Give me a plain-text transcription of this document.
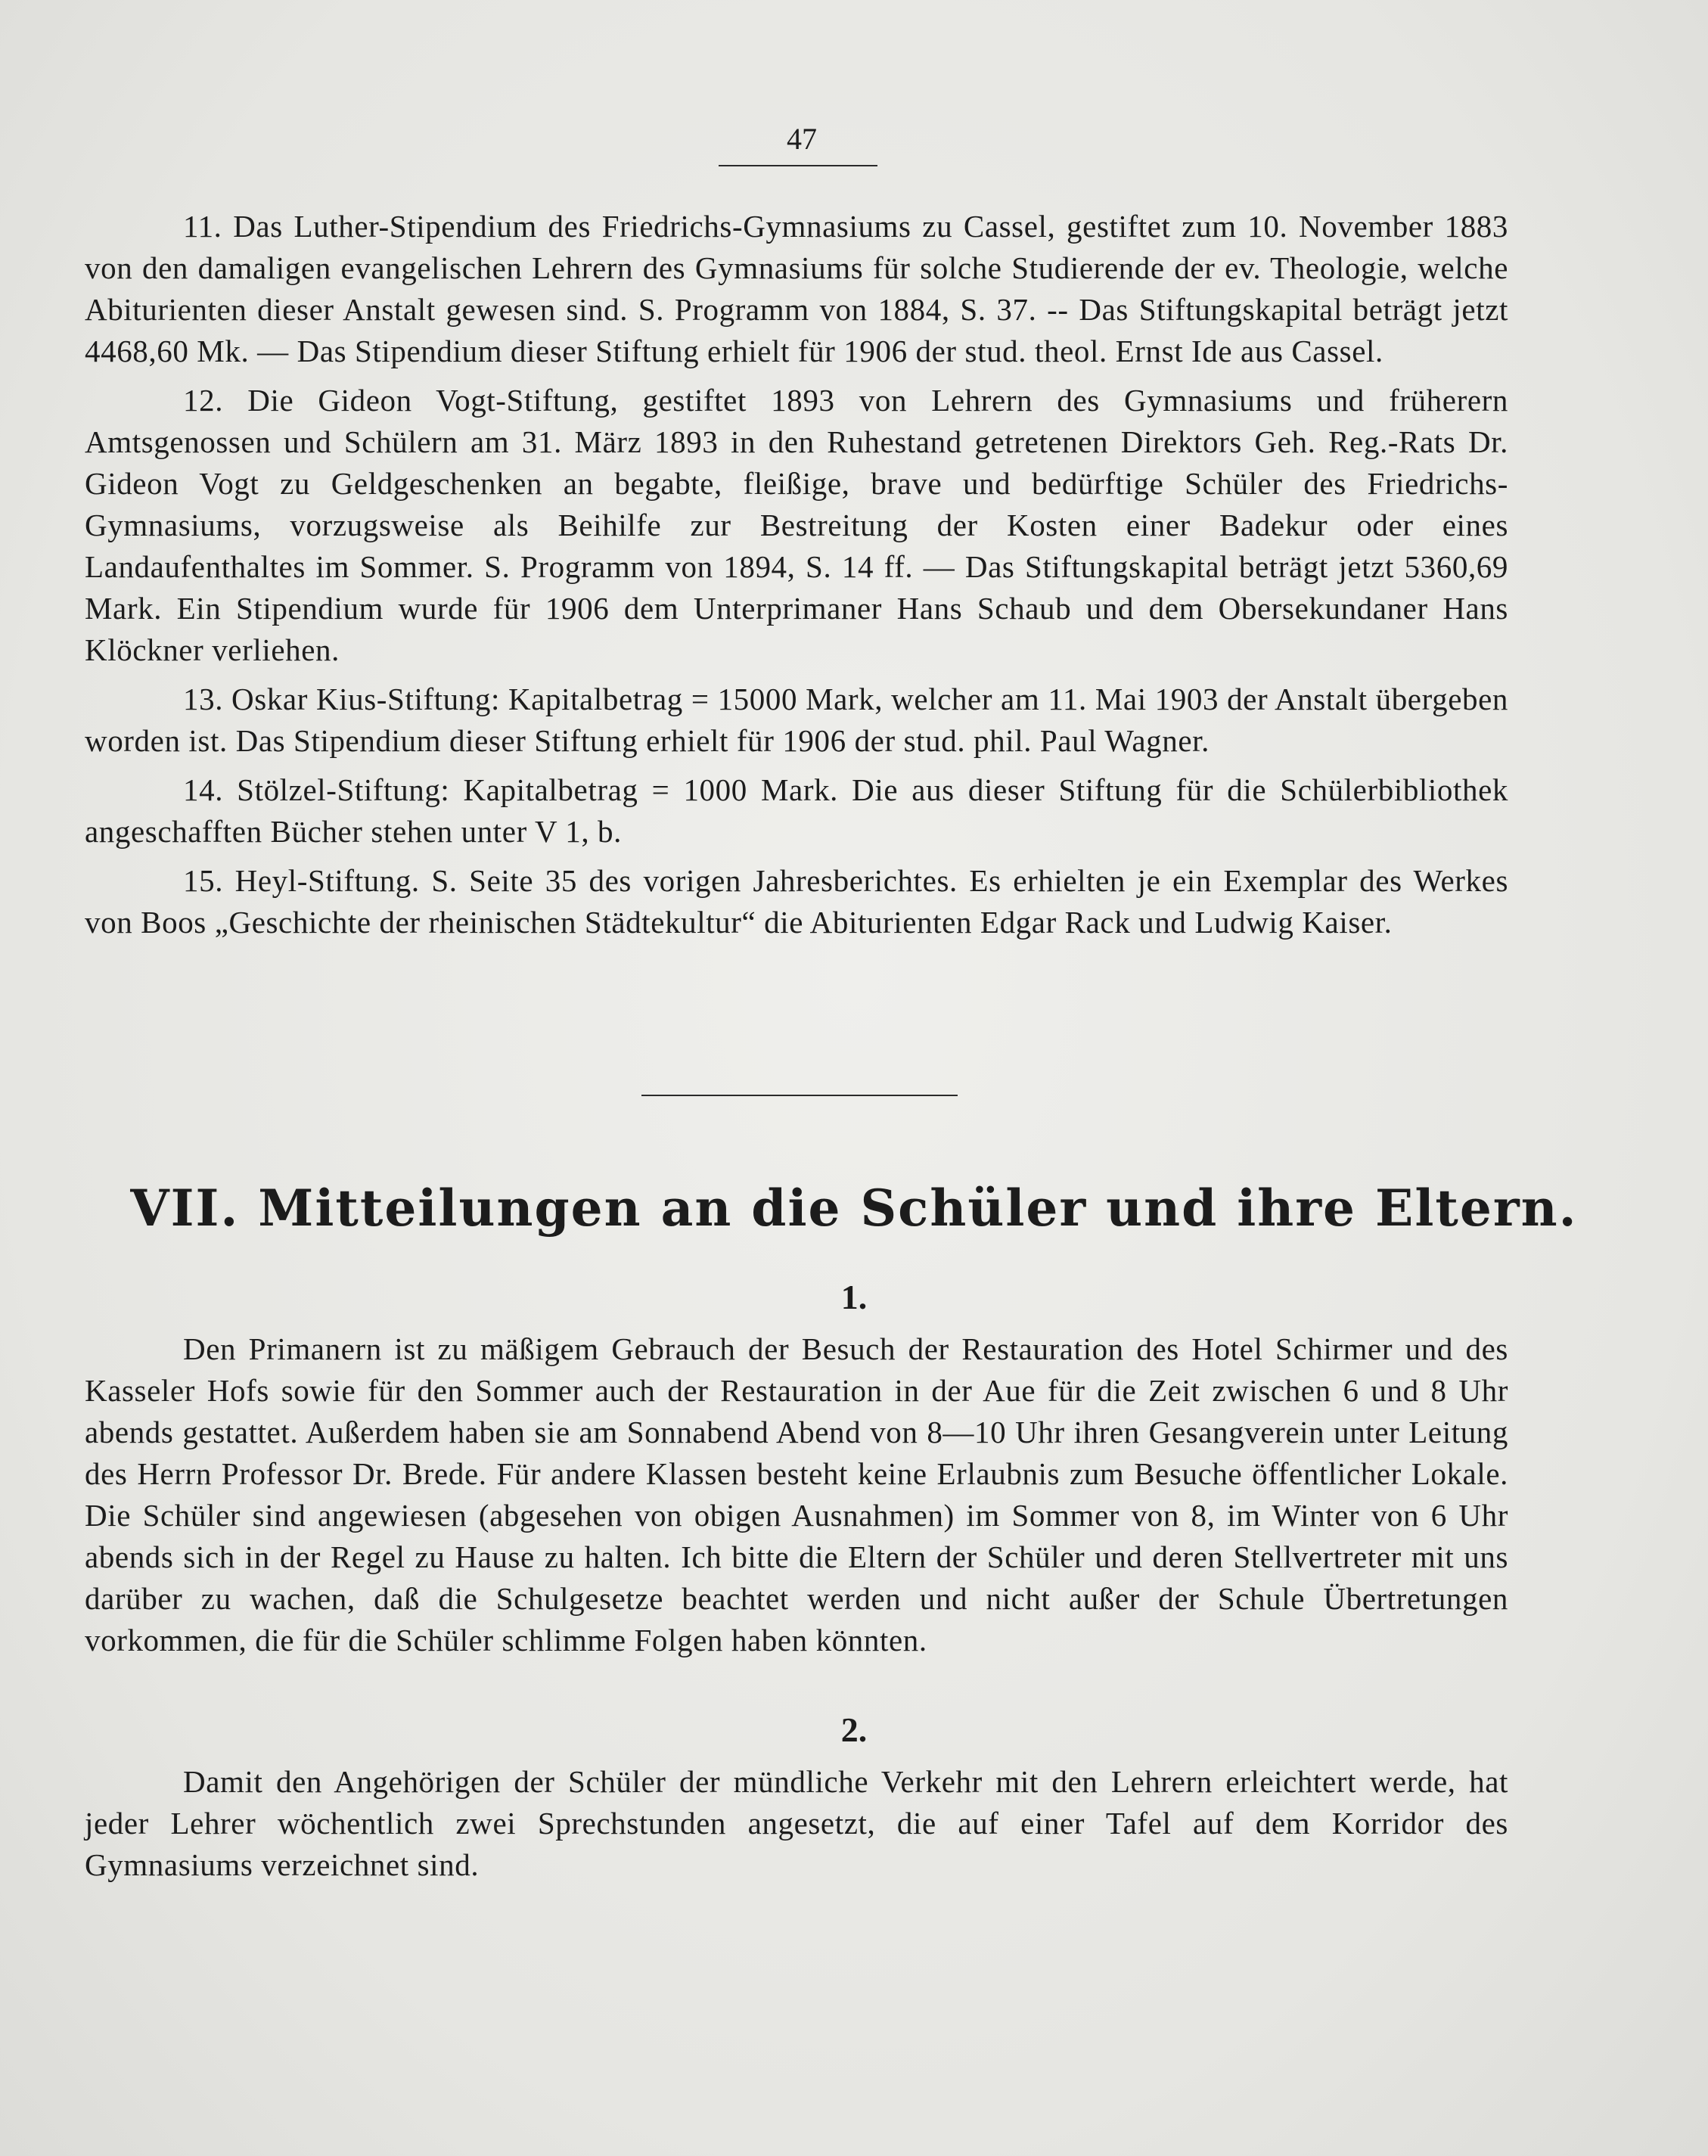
47

11. Das Luther-Stipendium des Friedrichs-Gymnasiums zu Cassel, gestiftet zum 10. November 1883 von den damaligen evangelischen Lehrern des Gymnasiums für solche Studierende der ev. Theologie, welche Abiturienten dieser Anstalt gewesen sind. S. Programm von 1884, S. 37. -- Das Stiftungskapital beträgt jetzt 4468,60 Mk. — Das Stipendium dieser Stiftung erhielt für 1906 der stud. theol. Ernst Ide aus Cassel.

12. Die Gideon Vogt-Stiftung, gestiftet 1893 von Lehrern des Gymnasiums und früherern Amtsgenossen und Schülern am 31. März 1893 in den Ruhestand getretenen Direktors Geh. Reg.-Rats Dr. Gideon Vogt zu Geldgeschenken an begabte, fleißige, brave und bedürftige Schüler des Friedrichs-Gymnasiums, vorzugsweise als Beihilfe zur Bestreitung der Kosten einer Badekur oder eines Landaufenthaltes im Sommer. S. Programm von 1894, S. 14 ff. — Das Stiftungskapital beträgt jetzt 5360,69 Mark. Ein Stipendium wurde für 1906 dem Unterprimaner Hans Schaub und dem Obersekundaner Hans Klöckner verliehen.

13. Oskar Kius-Stiftung: Kapitalbetrag = 15000 Mark, welcher am 11. Mai 1903 der Anstalt übergeben worden ist. Das Stipendium dieser Stiftung erhielt für 1906 der stud. phil. Paul Wagner.

14. Stölzel-Stiftung: Kapitalbetrag = 1000 Mark. Die aus dieser Stiftung für die Schülerbibliothek angeschafften Bücher stehen unter V 1, b.

15. Heyl-Stiftung. S. Seite 35 des vorigen Jahresberichtes. Es erhielten je ein Exemplar des Werkes von Boos „Geschichte der rheinischen Städtekultur“ die Abiturienten Edgar Rack und Ludwig Kaiser.

VII. Mitteilungen an die Schüler und ihre Eltern.
1.

Den Primanern ist zu mäßigem Gebrauch der Besuch der Restauration des Hotel Schirmer und des Kasseler Hofs sowie für den Sommer auch der Restauration in der Aue für die Zeit zwischen 6 und 8 Uhr abends gestattet. Außerdem haben sie am Sonnabend Abend von 8—10 Uhr ihren Gesangverein unter Leitung des Herrn Professor Dr. Brede. Für andere Klassen besteht keine Erlaubnis zum Besuche öffentlicher Lokale. Die Schüler sind angewiesen (abgesehen von obigen Ausnahmen) im Sommer von 8, im Winter von 6 Uhr abends sich in der Regel zu Hause zu halten. Ich bitte die Eltern der Schüler und deren Stellvertreter mit uns darüber zu wachen, daß die Schulgesetze beachtet werden und nicht außer der Schule Übertretungen vorkommen, die für die Schüler schlimme Folgen haben könnten.

2.

Damit den Angehörigen der Schüler der mündliche Verkehr mit den Lehrern erleichtert werde, hat jeder Lehrer wöchentlich zwei Sprechstunden angesetzt, die auf einer Tafel auf dem Korridor des Gymnasiums verzeichnet sind.
